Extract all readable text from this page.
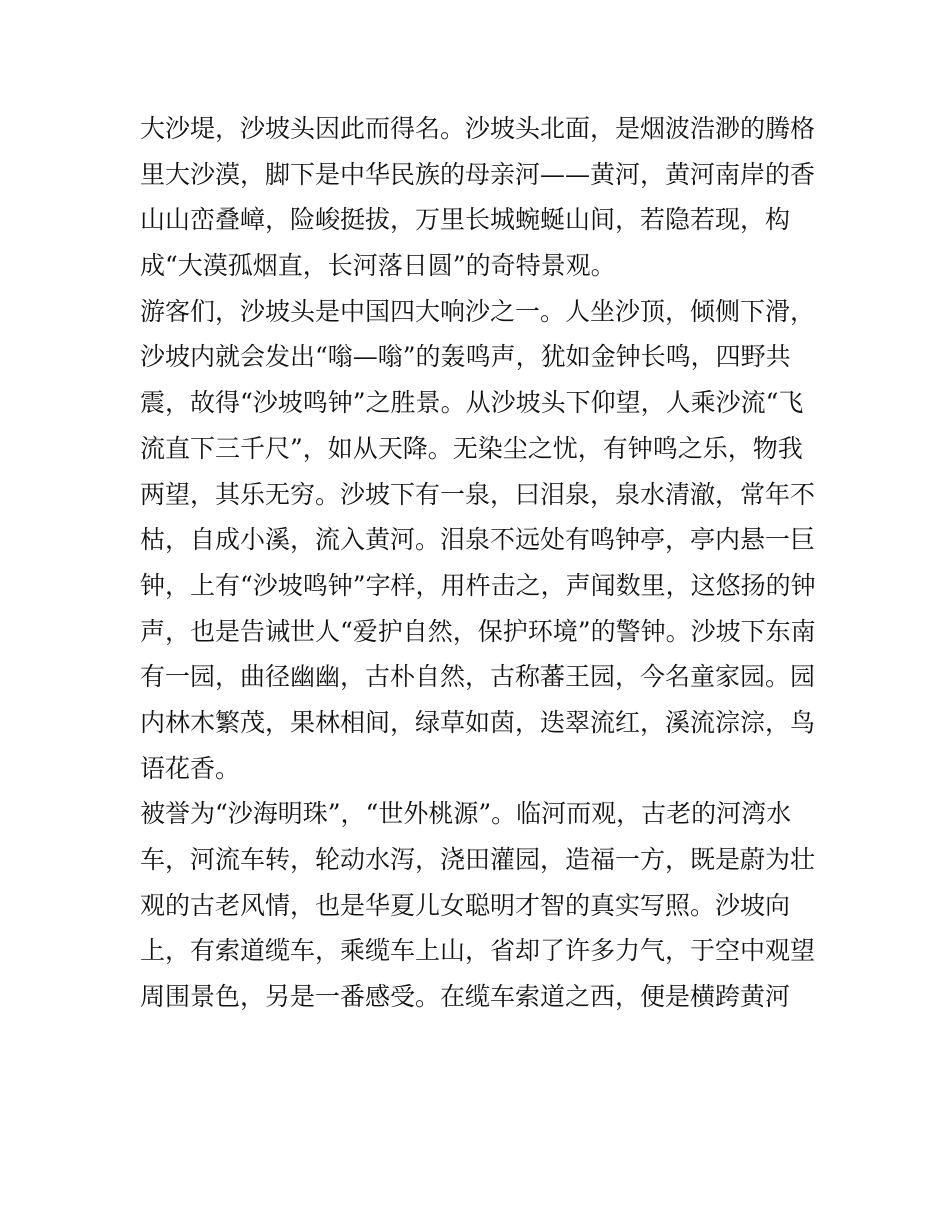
大沙堤，沙坡头因此而得名。沙坡头北面，是烟波浩渺的腾格
里大沙漠，脚下是中华民族的母亲河——黄河，黄河南岸的香
山山峦叠嶂，险峻挺拔，万里长城蜿蜒山间，若隐若现，构
成“大漠孤烟直，长河落日圆”的奇特景观。
游客们，沙坡头是中国四大响沙之一。人坐沙顶，倾侧下滑，
沙坡内就会发出“嗡—嗡”的轰鸣声，犹如金钟长鸣，四野共
震，故得“沙坡鸣钟”之胜景。从沙坡头下仰望，人乘沙流“飞
流直下三千尺”，如从天降。无染尘之忧，有钟鸣之乐，物我
两望，其乐无穷。沙坡下有一泉，曰泪泉，泉水清澈，常年不
枯，自成小溪，流入黄河。泪泉不远处有鸣钟亭，亭内悬一巨
钟，上有“沙坡鸣钟”字样，用杵击之，声闻数里，这悠扬的钟
声，也是告诫世人“爱护自然，保护环境”的警钟。沙坡下东南
有一园，曲径幽幽，古朴自然，古称蕃王园，今名童家园。园
内林木繁茂，果林相间，绿草如茵，迭翠流红，溪流淙淙，鸟
语花香。
被誉为“沙海明珠”，“世外桃源”。临河而观，古老的河湾水
车，河流车转，轮动水泻，浇田灌园，造福一方，既是蔚为壮
观的古老风情，也是华夏儿女聪明才智的真实写照。沙坡向
上，有索道缆车，乘缆车上山，省却了许多力气，于空中观望
周围景色，另是一番感受。在缆车索道之西，便是横跨黄河
